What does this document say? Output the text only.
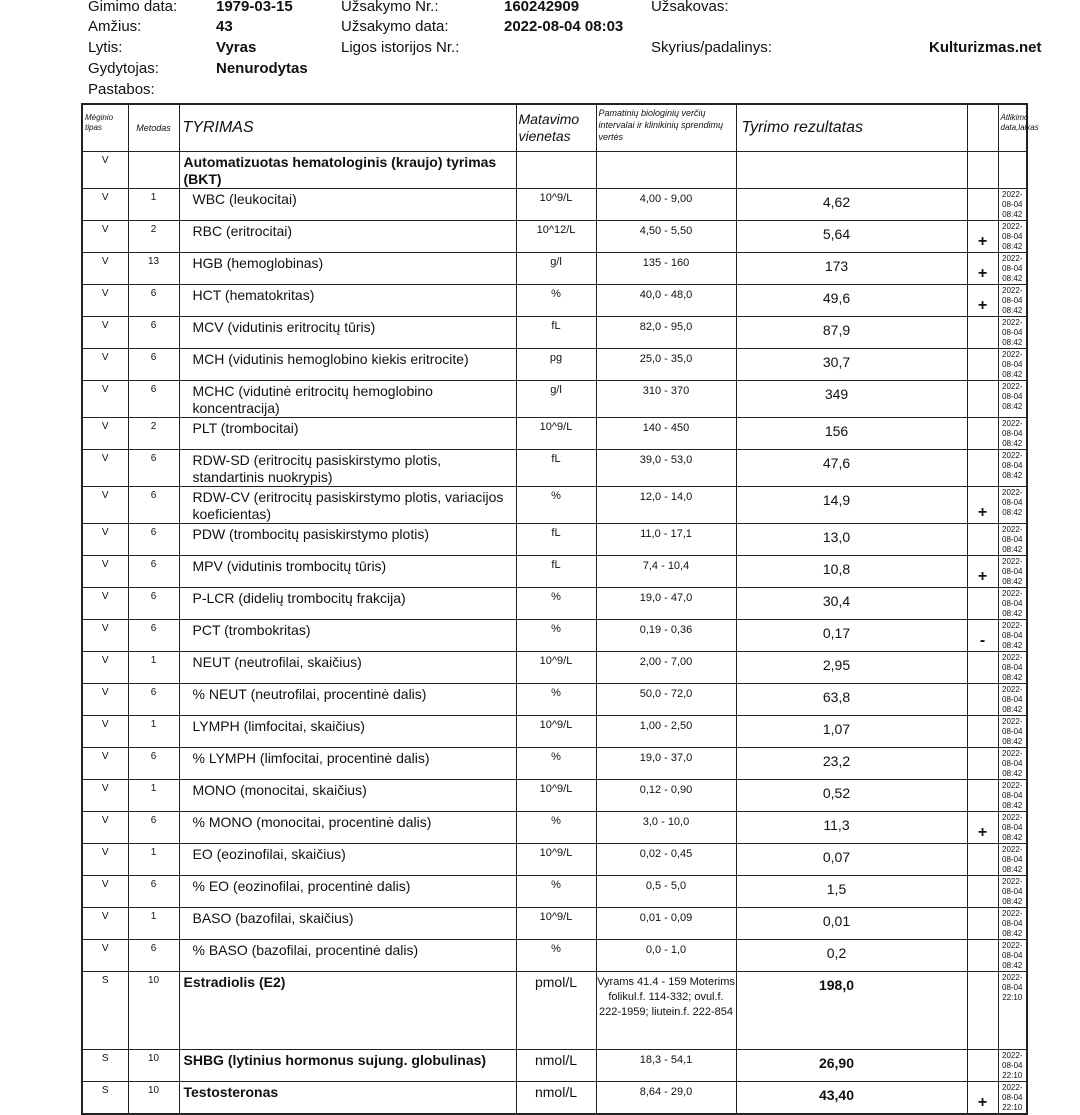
Gimimo data:	1979-03-15
Amžius:	43
Lytis:	Vyras
Gydytojas:	Nenurodytas
Pastabos:
Užsakymo Nr.:	160242909
Užsakymo data:	2022-08-04 08:03
Ligos istorijos Nr.:
Užsakovas:
Skyrius/padalinys:	Kulturizmas.net
Mėginio tipas	Metodas	TYRIMAS	Matavimo vienetas	Pamatinių biologinių verčių intervalai ir klinikinių sprendimų vertės	Tyrimo rezultatas		Atlikimo data,laikas
V		Automatizuotas hematologinis (kraujo) tyrimas (BKT)					
V	1	WBC (leukocitai)	10^9/L	4,00 - 9,00	4,62		2022-08-04 08:42
V	2	RBC (eritrocitai)	10^12/L	4,50 - 5,50	5,64	+	2022-08-04 08:42
V	13	HGB (hemoglobinas)	g/l	135 - 160	173	+	2022-08-04 08:42
V	6	HCT (hematokritas)	%	40,0 - 48,0	49,6	+	2022-08-04 08:42
V	6	MCV (vidutinis eritrocitų tūris)	fL	82,0 - 95,0	87,9		2022-08-04 08:42
V	6	MCH (vidutinis hemoglobino kiekis eritrocite)	pg	25,0 - 35,0	30,7		2022-08-04 08:42
V	6	MCHC (vidutinė eritrocitų hemoglobino koncentracija)	g/l	310 - 370	349		2022-08-04 08:42
V	2	PLT (trombocitai)	10^9/L	140 - 450	156		2022-08-04 08:42
V	6	RDW-SD (eritrocitų pasiskirstymo plotis, standartinis nuokrypis)	fL	39,0 - 53,0	47,6		2022-08-04 08:42
V	6	RDW-CV (eritrocitų pasiskirstymo plotis, variacijos koeficientas)	%	12,0 - 14,0	14,9	+	2022-08-04 08:42
V	6	PDW (trombocitų pasiskirstymo plotis)	fL	11,0 - 17,1	13,0		2022-08-04 08:42
V	6	MPV (vidutinis trombocitų tūris)	fL	7,4 - 10,4	10,8	+	2022-08-04 08:42
V	6	P-LCR (didelių trombocitų frakcija)	%	19,0 - 47,0	30,4		2022-08-04 08:42
V	6	PCT (trombokritas)	%	0,19 - 0,36	0,17	-	2022-08-04 08:42
V	1	NEUT (neutrofilai, skaičius)	10^9/L	2,00 - 7,00	2,95		2022-08-04 08:42
V	6	% NEUT (neutrofilai, procentinė dalis)	%	50,0 - 72,0	63,8		2022-08-04 08:42
V	1	LYMPH (limfocitai, skaičius)	10^9/L	1,00 - 2,50	1,07		2022-08-04 08:42
V	6	% LYMPH (limfocitai, procentinė dalis)	%	19,0 - 37,0	23,2		2022-08-04 08:42
V	1	MONO (monocitai, skaičius)	10^9/L	0,12 - 0,90	0,52		2022-08-04 08:42
V	6	% MONO (monocitai, procentinė dalis)	%	3,0 - 10,0	11,3	+	2022-08-04 08:42
V	1	EO (eozinofilai, skaičius)	10^9/L	0,02 - 0,45	0,07		2022-08-04 08:42
V	6	% EO (eozinofilai, procentinė dalis)	%	0,5 - 5,0	1,5		2022-08-04 08:42
V	1	BASO (bazofilai, skaičius)	10^9/L	0,01 - 0,09	0,01		2022-08-04 08:42
V	6	% BASO (bazofilai, procentinė dalis)	%	0,0 - 1,0	0,2		2022-08-04 08:42
S	10	Estradiolis (E2)	pmol/L	Vyrams 41.4 - 159 Moterims folikul.f. 114-332; ovul.f. 222-1959; liutein.f. 222-854	198,0		2022-08-04 22:10
S	10	SHBG (lytinius hormonus sujung. globulinas)	nmol/L	18,3 - 54,1	26,90		2022-08-04 22:10
S	10	Testosteronas	nmol/L	8,64 - 29,0	43,40	+	2022-08-04 22:10
